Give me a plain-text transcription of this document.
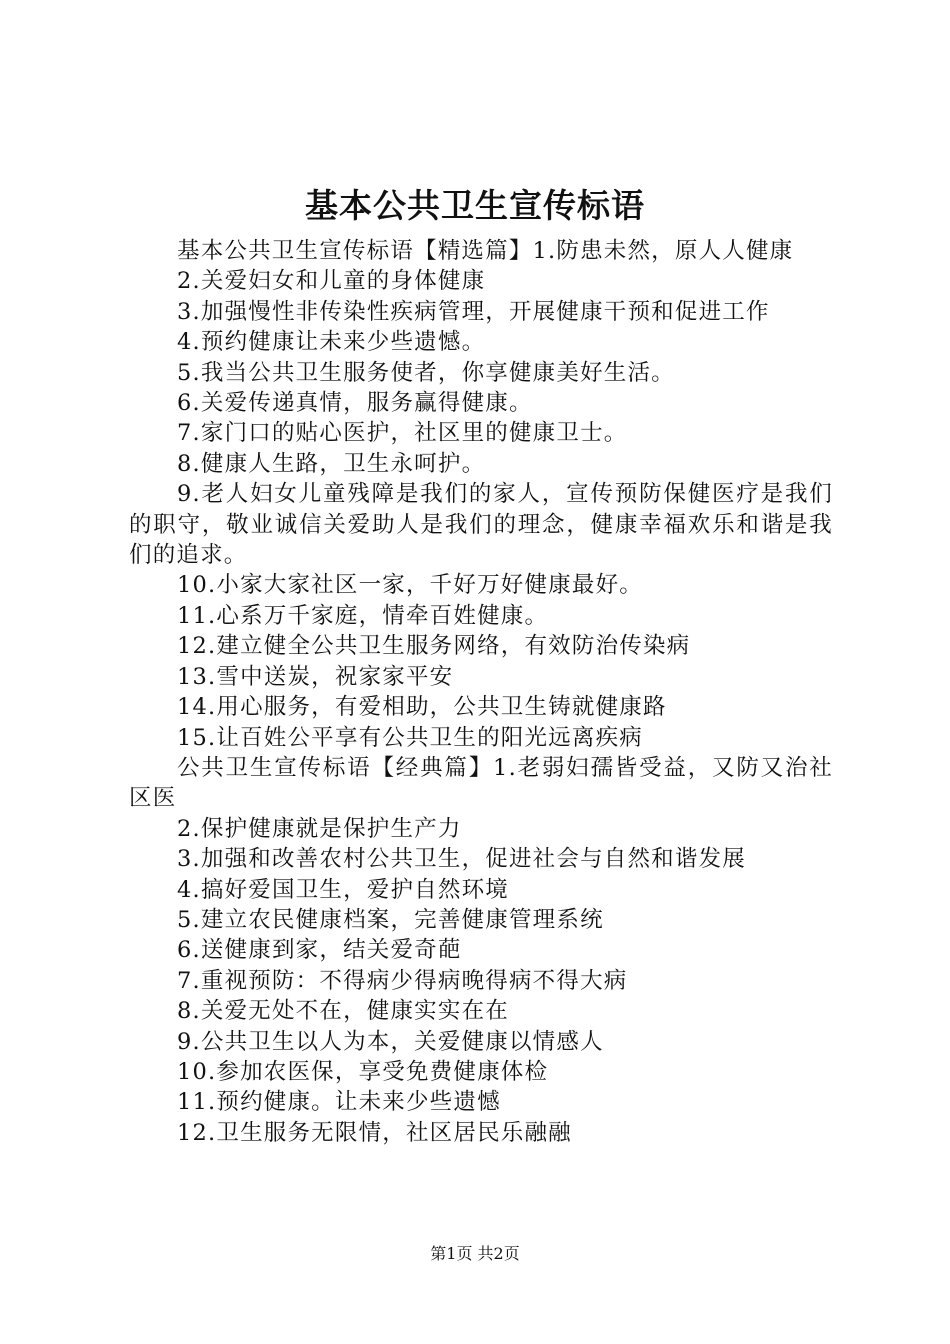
基本公共卫生宣传标语

基本公共卫生宣传标语【精选篇】1.防患未然，原人人健康

2.关爱妇女和儿童的身体健康

3.加强慢性非传染性疾病管理，开展健康干预和促进工作

4.预约健康让未来少些遗憾。

5.我当公共卫生服务使者，你享健康美好生活。

6.关爱传递真情，服务赢得健康。

7.家门口的贴心医护，社区里的健康卫士。

8.健康人生路，卫生永呵护。

9.老人妇女儿童残障是我们的家人，宣传预防保健医疗是我们的职守，敬业诚信关爱助人是我们的理念，健康幸福欢乐和谐是我们的追求。

10.小家大家社区一家，千好万好健康最好。

11.心系万千家庭，情牵百姓健康。

12.建立健全公共卫生服务网络，有效防治传染病

13.雪中送炭，祝家家平安

14.用心服务，有爱相助，公共卫生铸就健康路

15.让百姓公平享有公共卫生的阳光远离疾病

公共卫生宣传标语【经典篇】1.老弱妇孺皆受益，又防又治社区医

2.保护健康就是保护生产力

3.加强和改善农村公共卫生，促进社会与自然和谐发展

4.搞好爱国卫生，爱护自然环境

5.建立农民健康档案，完善健康管理系统

6.送健康到家，结关爱奇葩

7.重视预防：不得病少得病晚得病不得大病

8.关爱无处不在，健康实实在在

9.公共卫生以人为本，关爱健康以情感人

10.参加农医保，享受免费健康体检

11.预约健康。让未来少些遗憾

12.卫生服务无限情，社区居民乐融融

第1页 共2页
